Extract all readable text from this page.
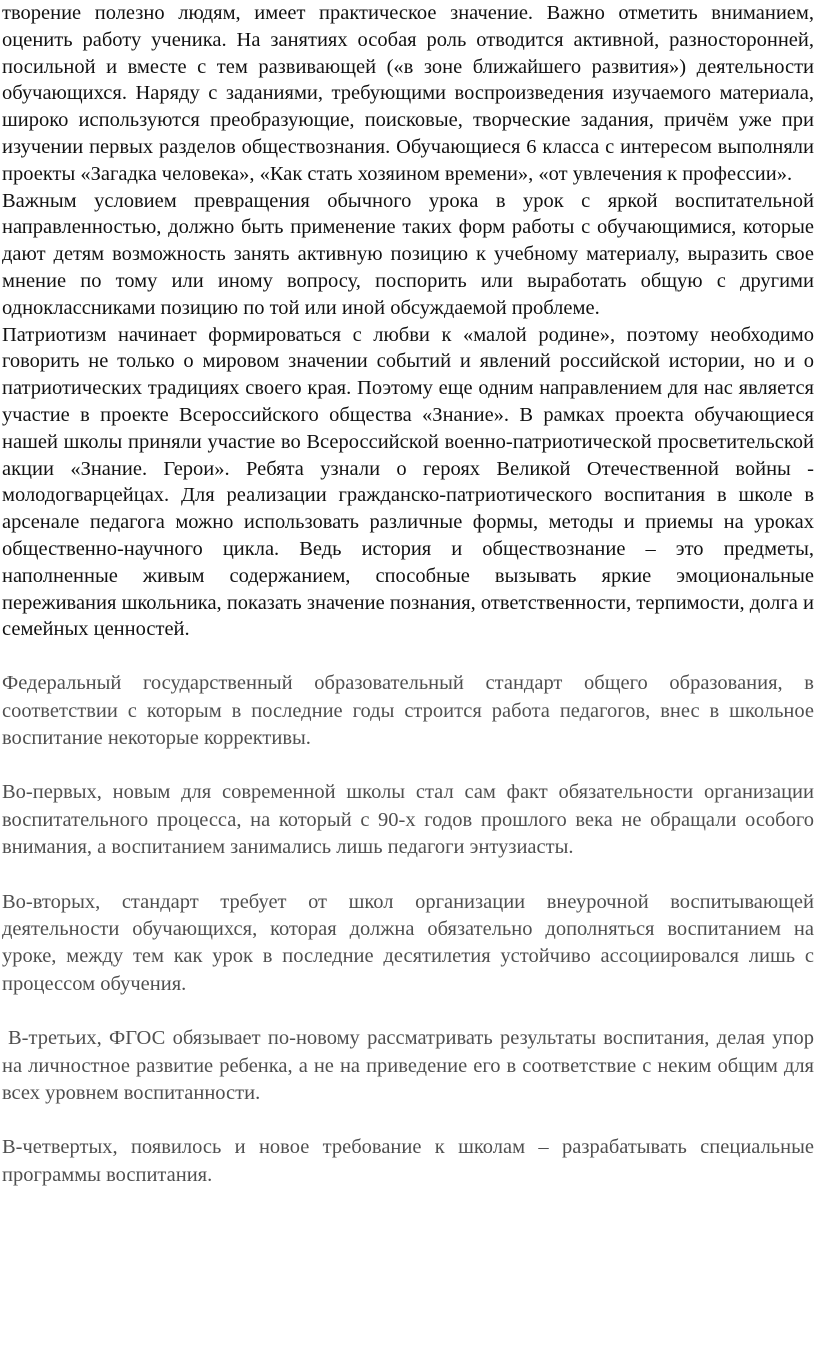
творение полезно людям, имеет практическое значение. Важно отметить вниманием, оценить работу ученика. На занятиях особая роль отводится активной, разносторонней, посильной и вместе с тем развивающей («в зоне ближайшего развития») деятельности обучающихся. Наряду с заданиями, требующими воспроизведения изучаемого материала, широко используются преобразующие, поисковые, творческие задания, причём уже при изучении первых разделов обществознания. Обучающиеся 6 класса с интересом выполняли проекты «Загадка человека», «Как стать хозяином времени», «от увлечения к профессии».

Важным условием превращения обычного урока в урок с яркой воспитательной направленностью, должно быть применение таких форм работы с обучающимися, которые дают детям возможность занять активную позицию к учебному материалу, выразить свое мнение по тому или иному вопросу, поспорить или выработать общую с другими одноклассниками позицию по той или иной обсуждаемой проблеме.

Патриотизм начинает формироваться с любви к «малой родине», поэтому необходимо говорить не только о мировом значении событий и явлений российской истории, но и о патриотических традициях своего края. Поэтому еще одним направлением для нас является участие в проекте Всероссийского общества «Знание». В рамках проекта обучающиеся нашей школы приняли участие во Всероссийской военно-патриотической просветительской акции «Знание. Герои». Ребята узнали о героях Великой Отечественной войны - молодогварцейцах. Для реализации гражданско-патриотического воспитания в школе в арсенале педагога можно использовать различные формы, методы и приемы на уроках общественно-научного цикла. Ведь история и обществознание – это предметы, наполненные живым содержанием, способные вызывать яркие эмоциональные переживания школьника, показать значение познания, ответственности, терпимости, долга и семейных ценностей.

Федеральный государственный образовательный стандарт общего образования, в соответствии с которым в последние годы строится работа педагогов, внес в школьное воспитание некоторые коррективы.

Во-первых, новым для современной школы стал сам факт обязательности организации воспитательного процесса, на который с 90-х годов прошлого века не обращали особого внимания, а воспитанием занимались лишь педагоги энтузиасты.

Во-вторых, стандарт требует от школ организации внеурочной воспитывающей деятельности обучающихся, которая должна обязательно дополняться воспитанием на уроке, между тем как урок в последние десятилетия устойчиво ассоциировался лишь с процессом обучения.

В-третьих, ФГОС обязывает по-новому рассматривать результаты воспитания, делая упор на личностное развитие ребенка, а не на приведение его в соответствие с неким общим для всех уровнем воспитанности.

В-четвертых, появилось и новое требование к школам – разрабатывать специальные программы воспитания.
